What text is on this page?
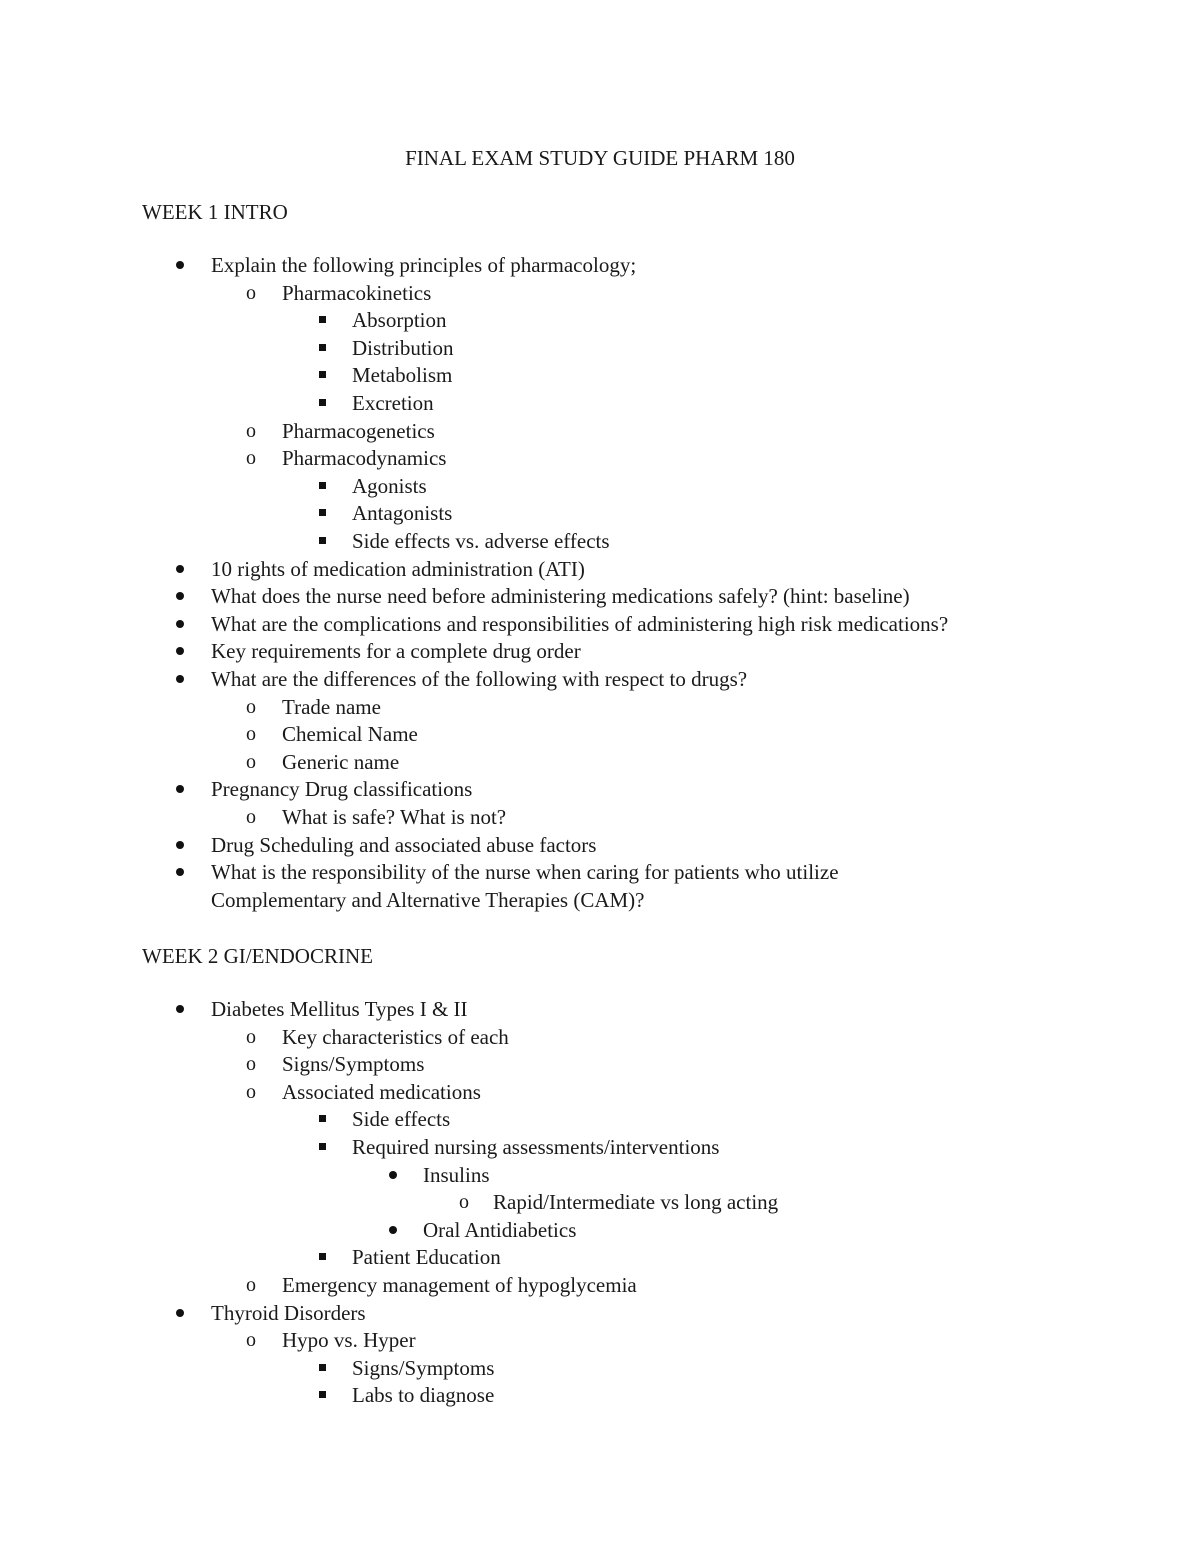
FINAL EXAM STUDY GUIDE PHARM 180
WEEK 1 INTRO
Explain the following principles of pharmacology;
o Pharmacokinetics
Absorption
Distribution
Metabolism
Excretion
o Pharmacogenetics
o Pharmacodynamics
Agonists
Antagonists
Side effects vs. adverse effects
10 rights of medication administration (ATI)
What does the nurse need before administering medications safely? (hint: baseline)
What are the complications and responsibilities of administering high risk medications?
Key requirements for a complete drug order
What are the differences of the following with respect to drugs?
o Trade name
o Chemical Name
o Generic name
Pregnancy Drug classifications
o What is safe? What is not?
Drug Scheduling and associated abuse factors
What is the responsibility of the nurse when caring for patients who utilize
Complementary and Alternative Therapies (CAM)?
WEEK 2 GI/ENDOCRINE
Diabetes Mellitus Types I & II
o Key characteristics of each
o Signs/Symptoms
o Associated medications
Side effects
Required nursing assessments/interventions
Insulins
o Rapid/Intermediate vs long acting
Oral Antidiabetics
Patient Education
o Emergency management of hypoglycemia
Thyroid Disorders
o Hypo vs. Hyper
Signs/Symptoms
Labs to diagnose
